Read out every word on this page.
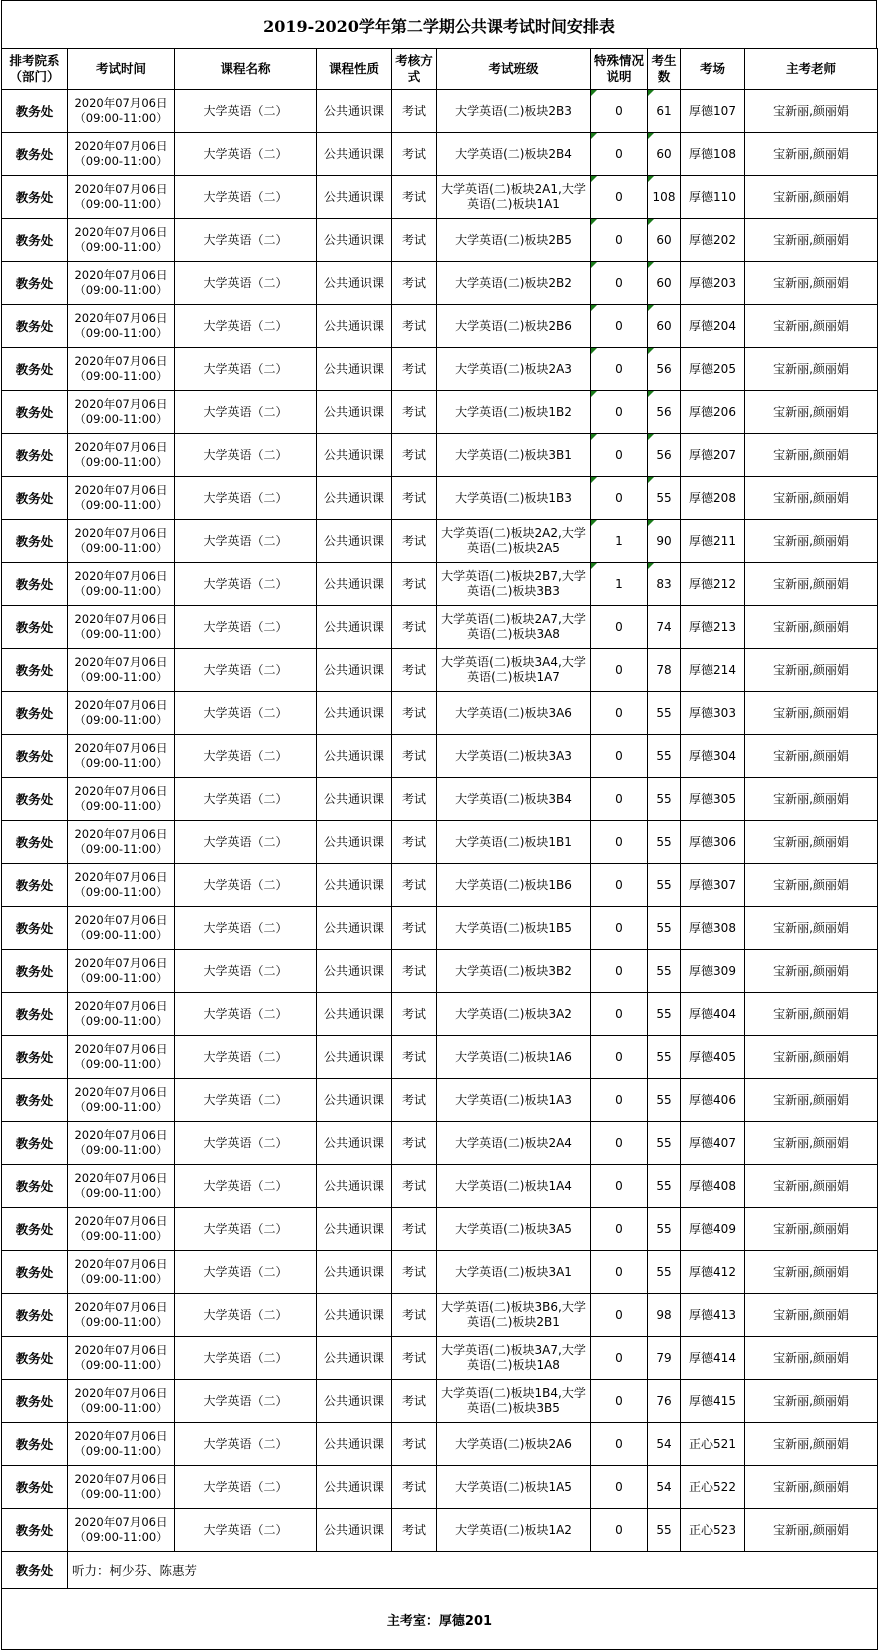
2019-2020学年第二学期公共课考试时间安排表
排考院系（部门）	考试时间	课程名称	课程性质	考核方式	考试班级	特殊情况说明	考生数	考场	主考老师
教务处	2020年07月06日
（09:00-11:00）	大学英语（二）	公共通识课	考试	大学英语(二)板块2B3	0	61	厚德107	宝新丽,颜丽娟
教务处	2020年07月06日
（09:00-11:00）	大学英语（二）	公共通识课	考试	大学英语(二)板块2B4	0	60	厚德108	宝新丽,颜丽娟
教务处	2020年07月06日
（09:00-11:00）	大学英语（二）	公共通识课	考试	大学英语(二)板块2A1,大学英语(二)板块1A1	0	108	厚德110	宝新丽,颜丽娟
教务处	2020年07月06日
（09:00-11:00）	大学英语（二）	公共通识课	考试	大学英语(二)板块2B5	0	60	厚德202	宝新丽,颜丽娟
教务处	2020年07月06日
（09:00-11:00）	大学英语（二）	公共通识课	考试	大学英语(二)板块2B2	0	60	厚德203	宝新丽,颜丽娟
教务处	2020年07月06日
（09:00-11:00）	大学英语（二）	公共通识课	考试	大学英语(二)板块2B6	0	60	厚德204	宝新丽,颜丽娟
教务处	2020年07月06日
（09:00-11:00）	大学英语（二）	公共通识课	考试	大学英语(二)板块2A3	0	56	厚德205	宝新丽,颜丽娟
教务处	2020年07月06日
（09:00-11:00）	大学英语（二）	公共通识课	考试	大学英语(二)板块1B2	0	56	厚德206	宝新丽,颜丽娟
教务处	2020年07月06日
（09:00-11:00）	大学英语（二）	公共通识课	考试	大学英语(二)板块3B1	0	56	厚德207	宝新丽,颜丽娟
教务处	2020年07月06日
（09:00-11:00）	大学英语（二）	公共通识课	考试	大学英语(二)板块1B3	0	55	厚德208	宝新丽,颜丽娟
教务处	2020年07月06日
（09:00-11:00）	大学英语（二）	公共通识课	考试	大学英语(二)板块2A2,大学英语(二)板块2A5	1	90	厚德211	宝新丽,颜丽娟
教务处	2020年07月06日
（09:00-11:00）	大学英语（二）	公共通识课	考试	大学英语(二)板块2B7,大学英语(二)板块3B3	1	83	厚德212	宝新丽,颜丽娟
教务处	2020年07月06日
（09:00-11:00）	大学英语（二）	公共通识课	考试	大学英语(二)板块2A7,大学英语(二)板块3A8	0	74	厚德213	宝新丽,颜丽娟
教务处	2020年07月06日
（09:00-11:00）	大学英语（二）	公共通识课	考试	大学英语(二)板块3A4,大学英语(二)板块1A7	0	78	厚德214	宝新丽,颜丽娟
教务处	2020年07月06日
（09:00-11:00）	大学英语（二）	公共通识课	考试	大学英语(二)板块3A6	0	55	厚德303	宝新丽,颜丽娟
教务处	2020年07月06日
（09:00-11:00）	大学英语（二）	公共通识课	考试	大学英语(二)板块3A3	0	55	厚德304	宝新丽,颜丽娟
教务处	2020年07月06日
（09:00-11:00）	大学英语（二）	公共通识课	考试	大学英语(二)板块3B4	0	55	厚德305	宝新丽,颜丽娟
教务处	2020年07月06日
（09:00-11:00）	大学英语（二）	公共通识课	考试	大学英语(二)板块1B1	0	55	厚德306	宝新丽,颜丽娟
教务处	2020年07月06日
（09:00-11:00）	大学英语（二）	公共通识课	考试	大学英语(二)板块1B6	0	55	厚德307	宝新丽,颜丽娟
教务处	2020年07月06日
（09:00-11:00）	大学英语（二）	公共通识课	考试	大学英语(二)板块1B5	0	55	厚德308	宝新丽,颜丽娟
教务处	2020年07月06日
（09:00-11:00）	大学英语（二）	公共通识课	考试	大学英语(二)板块3B2	0	55	厚德309	宝新丽,颜丽娟
教务处	2020年07月06日
（09:00-11:00）	大学英语（二）	公共通识课	考试	大学英语(二)板块3A2	0	55	厚德404	宝新丽,颜丽娟
教务处	2020年07月06日
（09:00-11:00）	大学英语（二）	公共通识课	考试	大学英语(二)板块1A6	0	55	厚德405	宝新丽,颜丽娟
教务处	2020年07月06日
（09:00-11:00）	大学英语（二）	公共通识课	考试	大学英语(二)板块1A3	0	55	厚德406	宝新丽,颜丽娟
教务处	2020年07月06日
（09:00-11:00）	大学英语（二）	公共通识课	考试	大学英语(二)板块2A4	0	55	厚德407	宝新丽,颜丽娟
教务处	2020年07月06日
（09:00-11:00）	大学英语（二）	公共通识课	考试	大学英语(二)板块1A4	0	55	厚德408	宝新丽,颜丽娟
教务处	2020年07月06日
（09:00-11:00）	大学英语（二）	公共通识课	考试	大学英语(二)板块3A5	0	55	厚德409	宝新丽,颜丽娟
教务处	2020年07月06日
（09:00-11:00）	大学英语（二）	公共通识课	考试	大学英语(二)板块3A1	0	55	厚德412	宝新丽,颜丽娟
教务处	2020年07月06日
（09:00-11:00）	大学英语（二）	公共通识课	考试	大学英语(二)板块3B6,大学英语(二)板块2B1	0	98	厚德413	宝新丽,颜丽娟
教务处	2020年07月06日
（09:00-11:00）	大学英语（二）	公共通识课	考试	大学英语(二)板块3A7,大学英语(二)板块1A8	0	79	厚德414	宝新丽,颜丽娟
教务处	2020年07月06日
（09:00-11:00）	大学英语（二）	公共通识课	考试	大学英语(二)板块1B4,大学英语(二)板块3B5	0	76	厚德415	宝新丽,颜丽娟
教务处	2020年07月06日
（09:00-11:00）	大学英语（二）	公共通识课	考试	大学英语(二)板块2A6	0	54	正心521	宝新丽,颜丽娟
教务处	2020年07月06日
（09:00-11:00）	大学英语（二）	公共通识课	考试	大学英语(二)板块1A5	0	54	正心522	宝新丽,颜丽娟
教务处	2020年07月06日
（09:00-11:00）	大学英语（二）	公共通识课	考试	大学英语(二)板块1A2	0	55	正心523	宝新丽,颜丽娟
教务处	听力：柯少芬、陈惠芳								
主考室：厚德201									
